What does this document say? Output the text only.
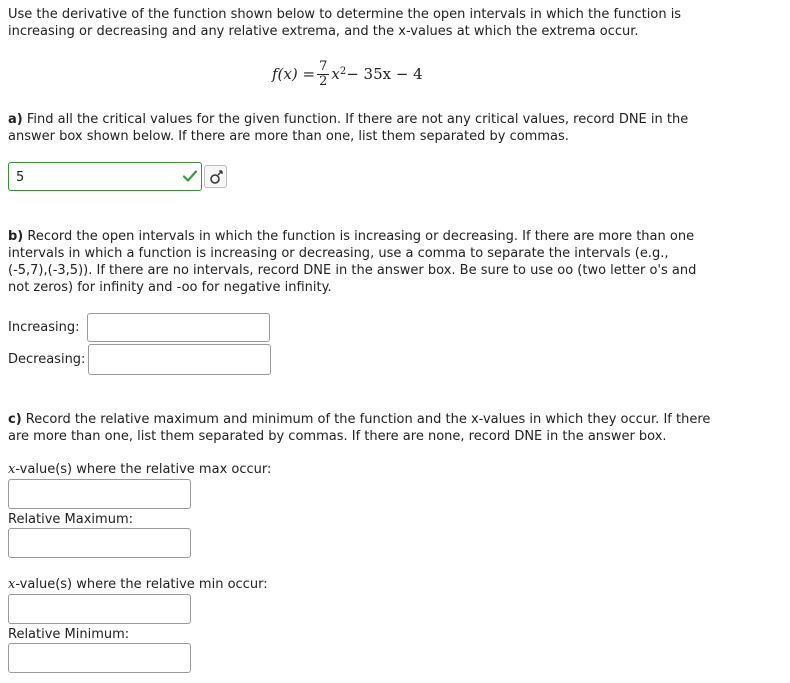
Use the derivative of the function shown below to determine the open intervals in which the function is
increasing or decreasing and any relative extrema, and the x-values at which the extrema occur.
$f(x) = \frac{7}{2} x^2 - 35x - 4$
a) Find all the critical values for the given function. If there are not any critical values, record DNE in the
answer box shown below. If there are more than one, list them separated by commas.
5
b) Record the open intervals in which the function is increasing or decreasing. If there are more than one
intervals in which a function is increasing or decreasing, use a comma to separate the intervals (e.g.,
(-5,7),(-3,5)). If there are no intervals, record DNE in the answer box. Be sure to use oo (two letter o's and
not zeros) for infinity and -oo for negative infinity.
Increasing:
Decreasing:
c) Record the relative maximum and minimum of the function and the x-values in which they occur. If there
are more than one, list them separated by commas. If there are none, record DNE in the answer box.
x-value(s) where the relative max occur:
Relative Maximum:
x-value(s) where the relative min occur:
Relative Minimum:
